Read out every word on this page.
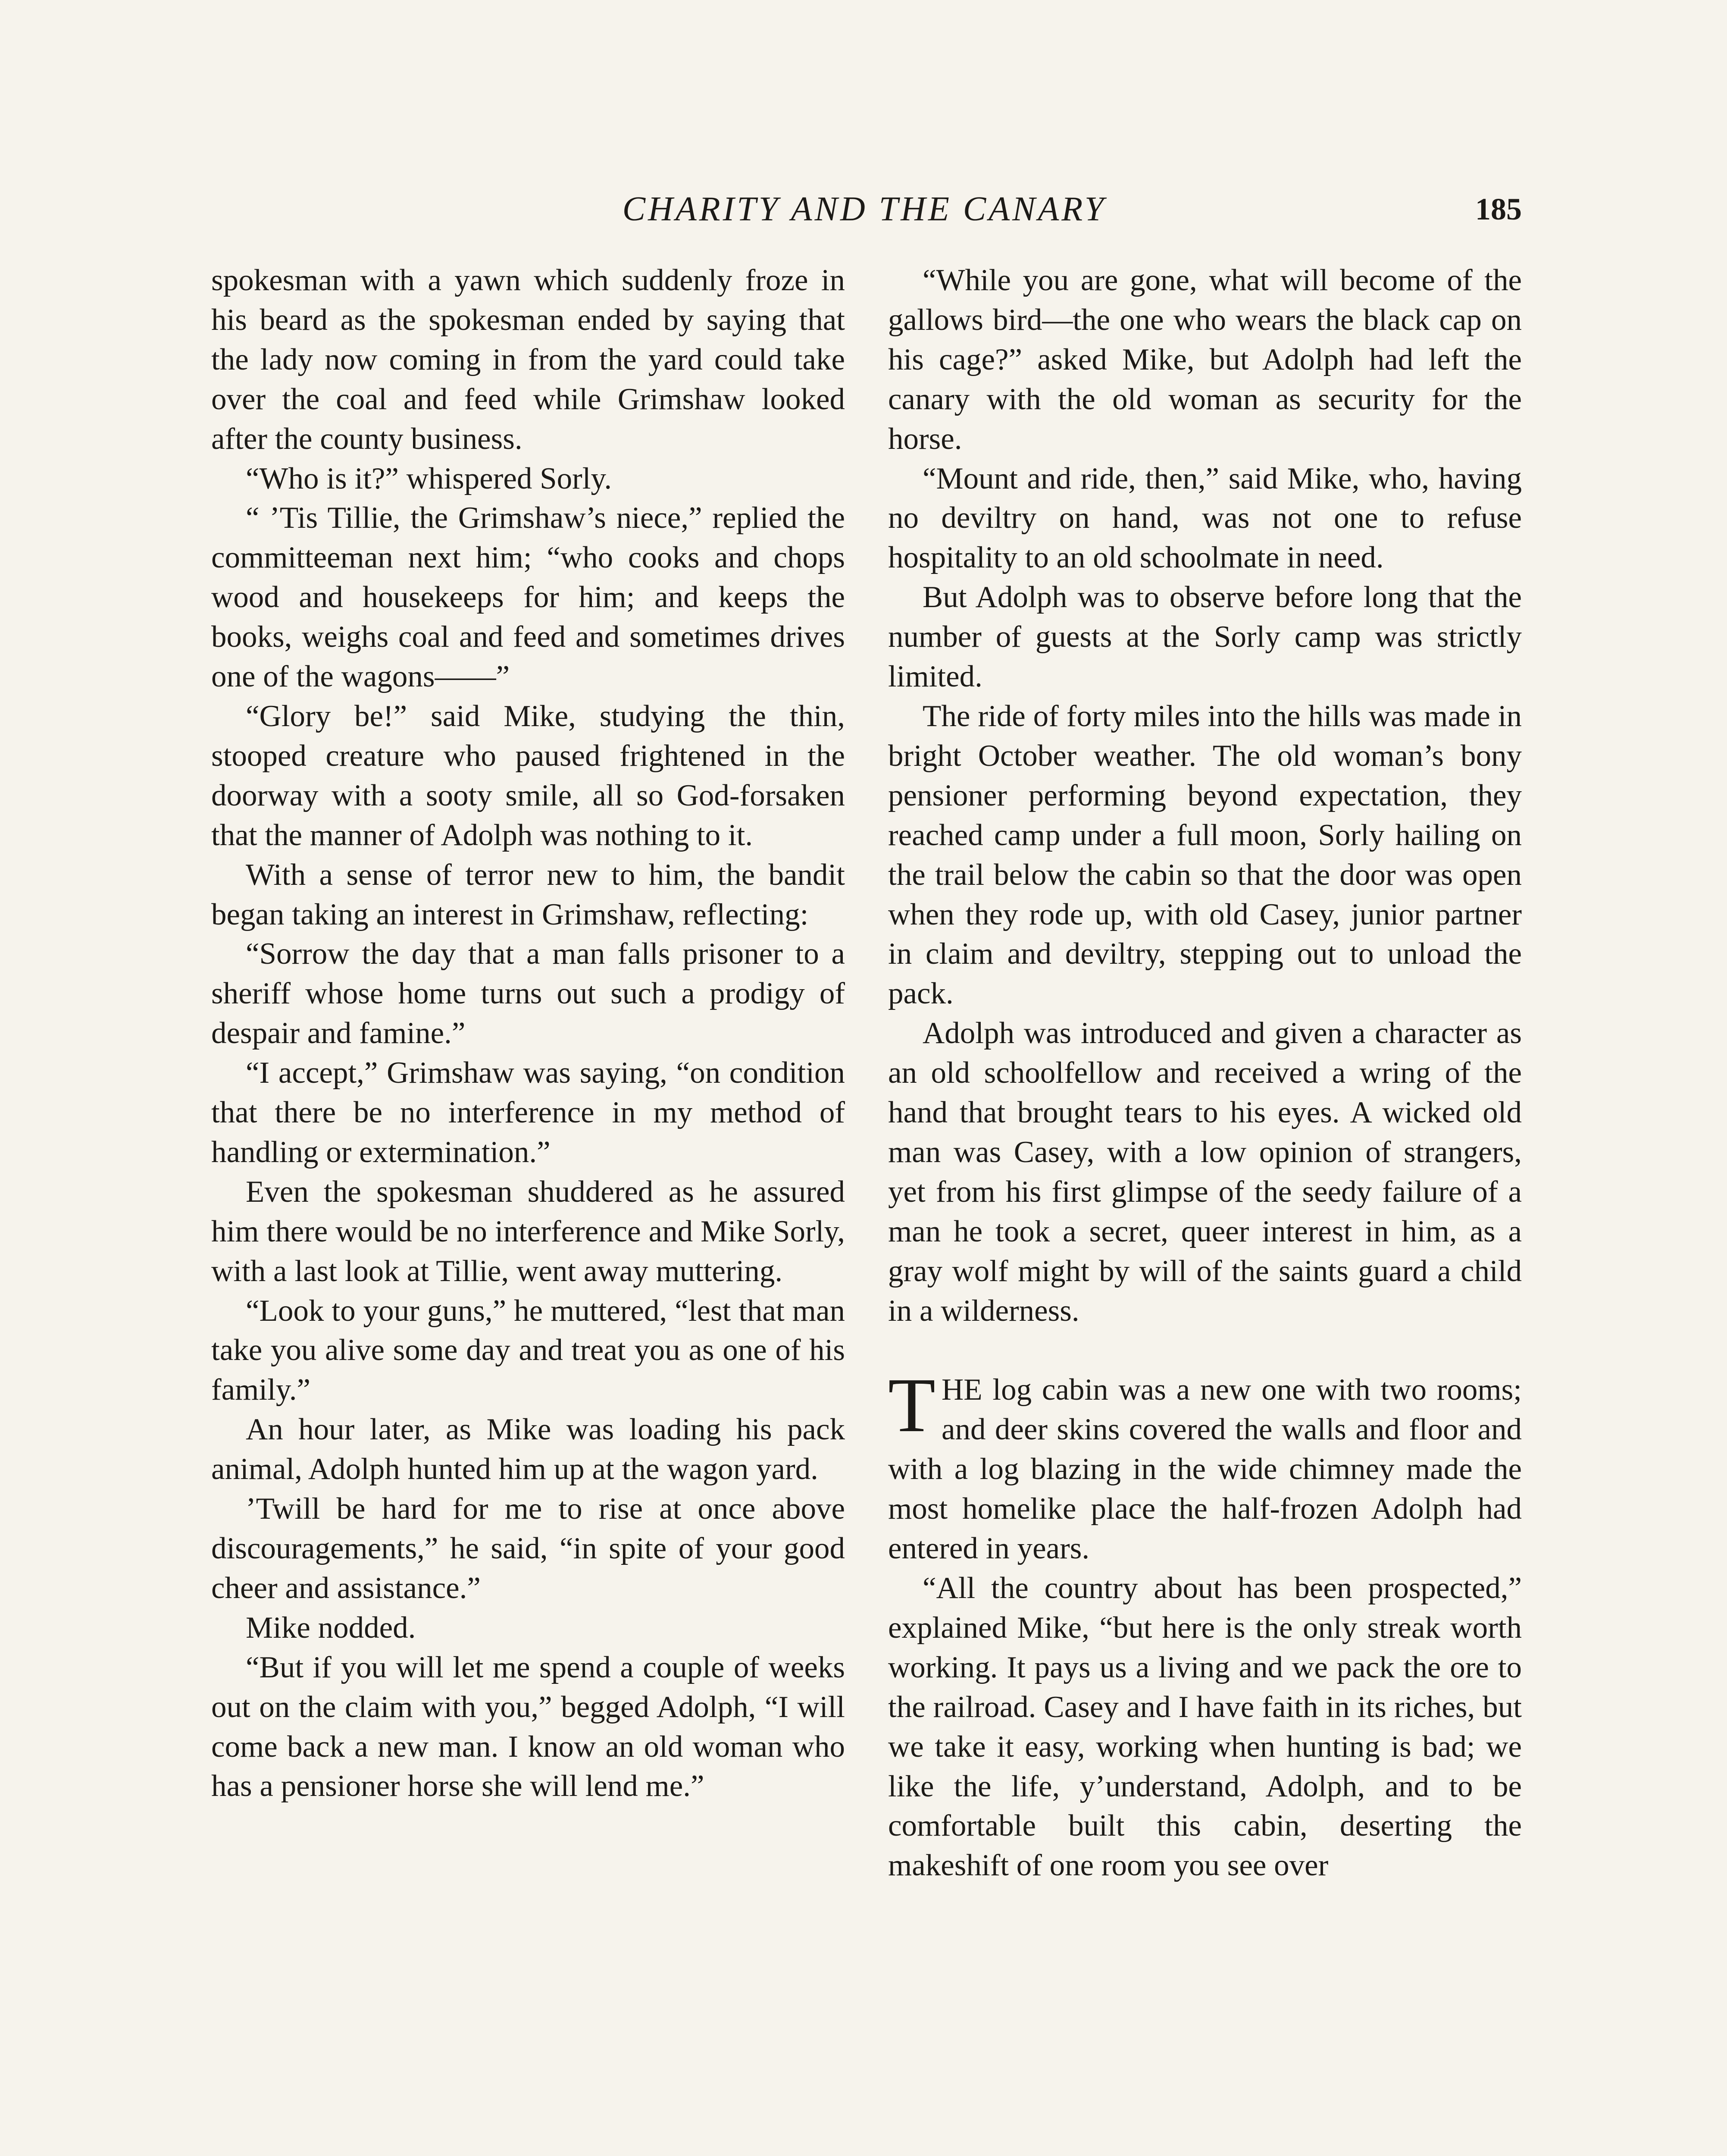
CHARITY AND THE CANARY	185

spokesman with a yawn which suddenly froze in his beard as the spokesman ended by saying that the lady now coming in from the yard could take over the coal and feed while Grimshaw looked after the county business.

“Who is it?” whispered Sorly.

“ ’Tis Tillie, the Grimshaw’s niece,” replied the committeeman next him; “who cooks and chops wood and housekeeps for him; and keeps the books, weighs coal and feed and sometimes drives one of the wagons——”

“Glory be!” said Mike, studying the thin, stooped creature who paused frightened in the doorway with a sooty smile, all so God-forsaken that the manner of Adolph was nothing to it.

With a sense of terror new to him, the bandit began taking an interest in Grimshaw, reflecting:

“Sorrow the day that a man falls prisoner to a sheriff whose home turns out such a prodigy of despair and famine.”

“I accept,” Grimshaw was saying, “on condition that there be no interference in my method of handling or extermination.”

Even the spokesman shuddered as he assured him there would be no interference and Mike Sorly, with a last look at Tillie, went away muttering.

“Look to your guns,” he muttered, “lest that man take you alive some day and treat you as one of his family.”

An hour later, as Mike was loading his pack animal, Adolph hunted him up at the wagon yard.

’Twill be hard for me to rise at once above discouragements,” he said, “in spite of your good cheer and assistance.”

Mike nodded.

“But if you will let me spend a couple of weeks out on the claim with you,” begged Adolph, “I will come back a new man. I know an old woman who has a pensioner horse she will lend me.”

“While you are gone, what will become of the gallows bird—the one who wears the black cap on his cage?” asked Mike, but Adolph had left the canary with the old woman as security for the horse.

“Mount and ride, then,” said Mike, who, having no deviltry on hand, was not one to refuse hospitality to an old schoolmate in need.

But Adolph was to observe before long that the number of guests at the Sorly camp was strictly limited.

The ride of forty miles into the hills was made in bright October weather. The old woman’s bony pensioner performing beyond expectation, they reached camp under a full moon, Sorly hailing on the trail below the cabin so that the door was open when they rode up, with old Casey, junior partner in claim and deviltry, stepping out to unload the pack.

Adolph was introduced and given a character as an old schoolfellow and received a wring of the hand that brought tears to his eyes. A wicked old man was Casey, with a low opinion of strangers, yet from his first glimpse of the seedy failure of a man he took a secret, queer interest in him, as a gray wolf might by will of the saints guard a child in a wilderness.

THE log cabin was a new one with two rooms; and deer skins covered the walls and floor and with a log blazing in the wide chimney made the most homelike place the half-frozen Adolph had entered in years.

“All the country about has been prospected,” explained Mike, “but here is the only streak worth working. It pays us a living and we pack the ore to the railroad. Casey and I have faith in its riches, but we take it easy, working when hunting is bad; we like the life, y’understand, Adolph, and to be comfortable built this cabin, deserting the makeshift of one room you see over
